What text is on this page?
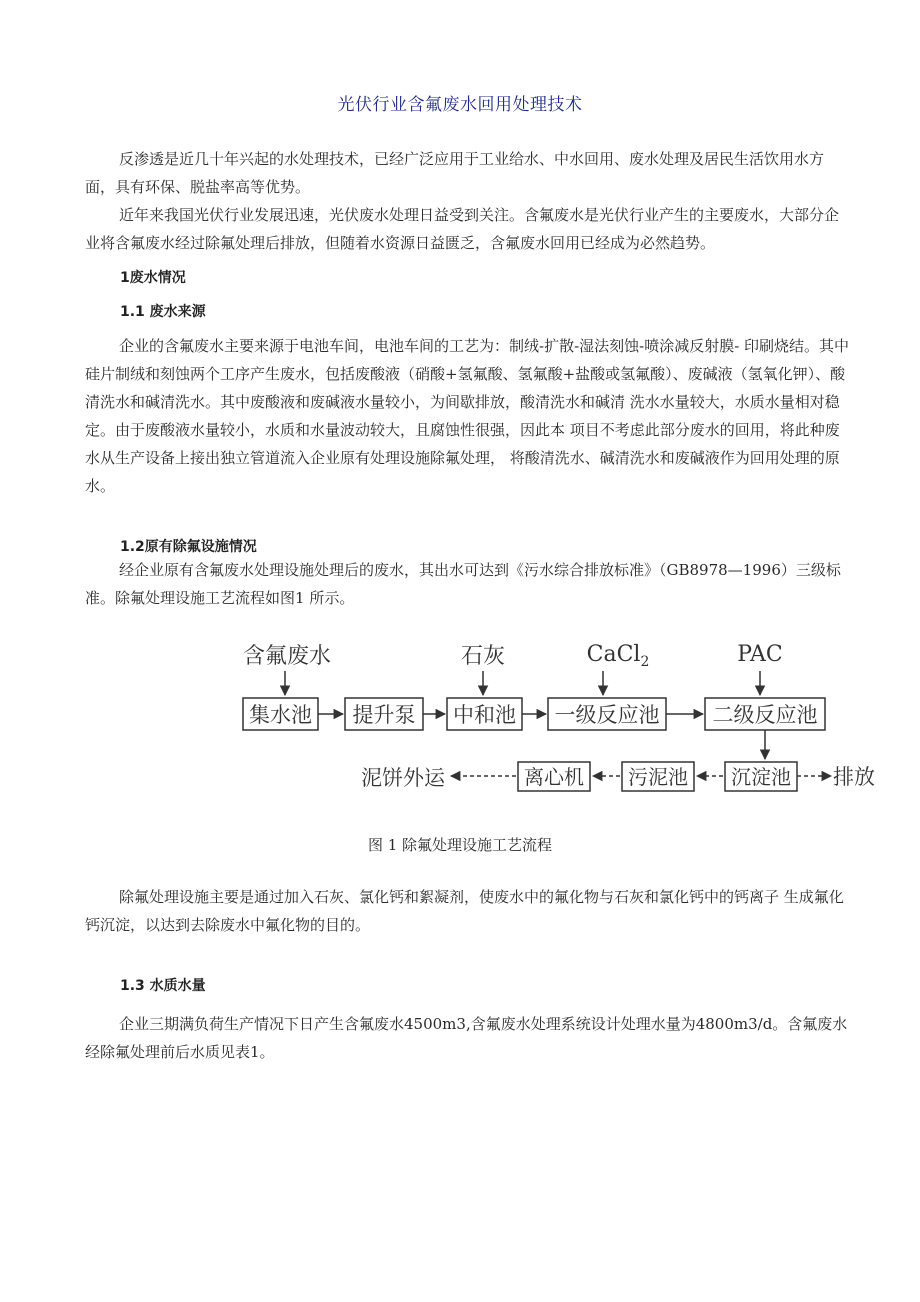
光伏行业含氟废水回用处理技术

反渗透是近几十年兴起的水处理技术，已经广泛应用于工业给水、中水回用、废水处理及居民生活饮用水方面，具有环保、脱盐率高等优势。

近年来我国光伏行业发展迅速，光伏废水处理日益受到关注。含氟废水是光伏行业产生的主要废水，大部分企业将含氟废水经过除氟处理后排放，但随着水资源日益匮乏，含氟废水回用已经成为必然趋势。

1废水情况
1.1 废水来源

企业的含氟废水主要来源于电池车间，电池车间的工艺为：制绒-扩散-湿法刻蚀-喷涂减反射膜- 印刷烧结。其中硅片制绒和刻蚀两个工序产生废水，包括废酸液（硝酸+氢氟酸、氢氟酸+盐酸或氢氟酸）、废碱液（氢氧化钾）、酸清洗水和碱清洗水。其中废酸液和废碱液水量较小，为间歇排放，酸清洗水和碱清 洗水水量较大，水质水量相对稳定。由于废酸液水量较小，水质和水量波动较大，且腐蚀性很强，因此本 项目不考虑此部分废水的回用，将此种废水从生产设备上接出独立管道流入企业原有处理设施除氟处理， 将酸清洗水、碱清洗水和废碱液作为回用处理的原水。

1.2原有除氟设施情况

经企业原有含氟废水处理设施处理后的废水，其出水可达到《污水综合排放标准》（GB8978—1996）三级标准。除氟处理设施工艺流程如图1 所示。

含氟废水	石灰	CaCl$_2$	PAC
集水池 提升泵 中和池 一级反应池	二级反应池
泥饼外运	离心机 污泥池 沉淀池 排放
图 1 除氟处理设施工艺流程

除氟处理设施主要是通过加入石灰、氯化钙和絮凝剂，使废水中的氟化物与石灰和氯化钙中的钙离子 生成氟化钙沉淀，以达到去除废水中氟化物的目的。

1.3 水质水量

企业三期满负荷生产情况下日产生含氟废水4500m3,含氟废水处理系统设计处理水量为4800m3/d。含氟废水经除氟处理前后水质见表1。
